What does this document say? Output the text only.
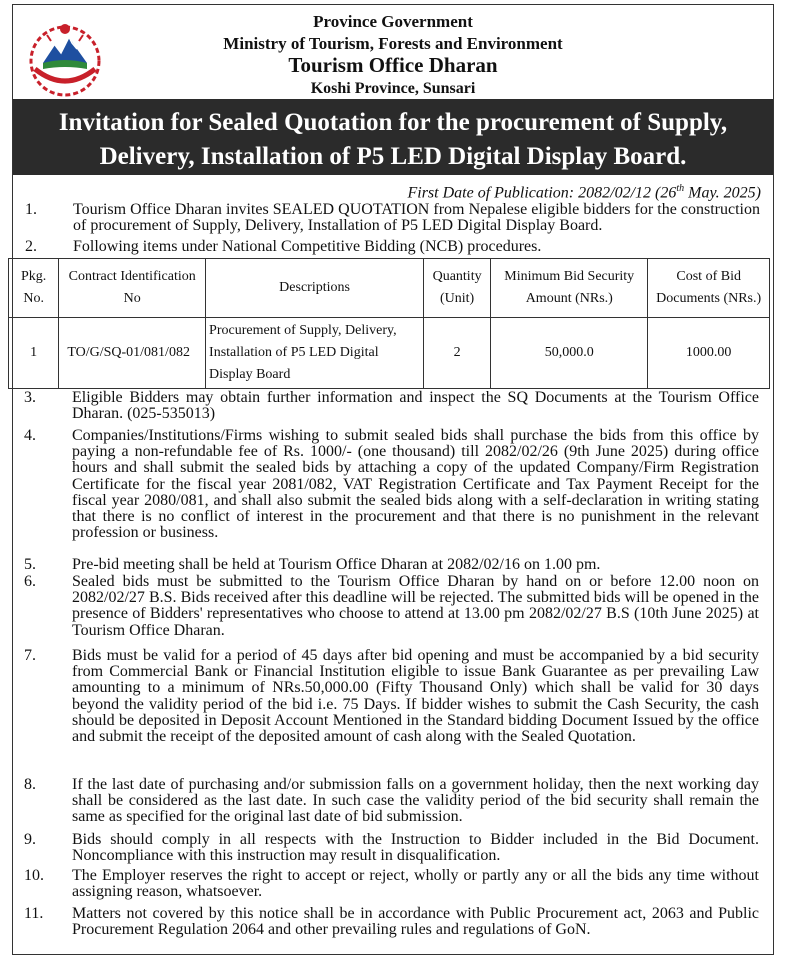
Province Government
Ministry of Tourism, Forests and Environment
Tourism Office Dharan
Koshi Province, Sunsari
Invitation for Sealed Quotation for the procurement of Supply,
Delivery, Installation of P5 LED Digital Display Board.
First Date of Publication: 2082/02/12 (26th May. 2025)
1.	Tourism Office Dharan invites SEALED QUOTATION from Nepalese eligible bidders for the construction of procurement of Supply, Delivery, Installation of P5 LED Digital Display Board.
2.	Following items under National Competitive Bidding (NCB) procedures.
Pkg. No.	Contract Identification No	Descriptions	Quantity (Unit)	Minimum Bid Security Amount (NRs.)	Cost of Bid Documents (NRs.)
1	TO/G/SQ-01/081/082	Procurement of Supply, Delivery, Installation of P5 LED Digital Display Board	2	50,000.0	1000.00
3.	Eligible Bidders may obtain further information and inspect the SQ Documents at the Tourism Office Dharan. (025-535013)
4.	Companies/Institutions/Firms wishing to submit sealed bids shall purchase the bids from this office by paying a non-refundable fee of Rs. 1000/- (one thousand) till 2082/02/26 (9th June 2025) during office hours and shall submit the sealed bids by attaching a copy of the updated Company/Firm Registration Certificate for the fiscal year 2081/082, VAT Registration Certificate and Tax Payment Receipt for the fiscal year 2080/081, and shall also submit the sealed bids along with a self-declaration in writing stating that there is no conflict of interest in the procurement and that there is no punishment in the relevant profession or business.
5.	Pre-bid meeting shall be held at Tourism Office Dharan at 2082/02/16 on 1.00 pm.
6.	Sealed bids must be submitted to the Tourism Office Dharan by hand on or before 12.00 noon on 2082/02/27 B.S. Bids received after this deadline will be rejected. The submitted bids will be opened in the presence of Bidders' representatives who choose to attend at 13.00 pm 2082/02/27 B.S (10th June 2025) at Tourism Office Dharan.
7.	Bids must be valid for a period of 45 days after bid opening and must be accompanied by a bid security from Commercial Bank or Financial Institution eligible to issue Bank Guarantee as per prevailing Law amounting to a minimum of NRs.50,000.00 (Fifty Thousand Only) which shall be valid for 30 days beyond the validity period of the bid i.e. 75 Days. If bidder wishes to submit the Cash Security, the cash should be deposited in Deposit Account Mentioned in the Standard bidding Document Issued by the office and submit the receipt of the deposited amount of cash along with the Sealed Quotation.
8.	If the last date of purchasing and/or submission falls on a government holiday, then the next working day shall be considered as the last date. In such case the validity period of the bid security shall remain the same as specified for the original last date of bid submission.
9.	Bids should comply in all respects with the Instruction to Bidder included in the Bid Document. Noncompliance with this instruction may result in disqualification.
10.	The Employer reserves the right to accept or reject, wholly or partly any or all the bids any time without assigning reason, whatsoever.
11.	Matters not covered by this notice shall be in accordance with Public Procurement act, 2063 and Public Procurement Regulation 2064 and other prevailing rules and regulations of GoN.
